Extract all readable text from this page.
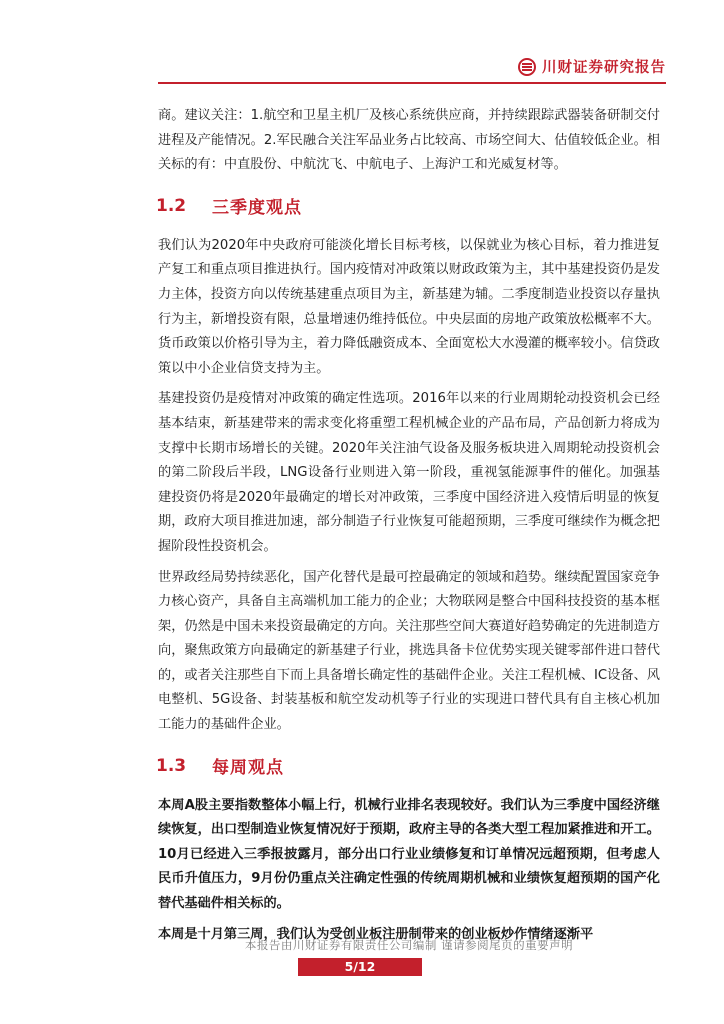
川财证券研究报告

商。建议关注：1.航空和卫星主机厂及核心系统供应商，并持续跟踪武器装备研制交付进程及产能情况。2.军民融合关注军品业务占比较高、市场空间大、估值较低企业。相关标的有：中直股份、中航沈飞、中航电子、上海沪工和光威复材等。

1.2	三季度观点

我们认为2020年中央政府可能淡化增长目标考核，以保就业为核心目标，着力推进复产复工和重点项目推进执行。国内疫情对冲政策以财政政策为主，其中基建投资仍是发力主体，投资方向以传统基建重点项目为主，新基建为辅。二季度制造业投资以存量执行为主，新增投资有限，总量增速仍维持低位。中央层面的房地产政策放松概率不大。货币政策以价格引导为主，着力降低融资成本、全面宽松大水漫灌的概率较小。信贷政策以中小企业信贷支持为主。

基建投资仍是疫情对冲政策的确定性选项。2016年以来的行业周期轮动投资机会已经基本结束，新基建带来的需求变化将重塑工程机械企业的产品布局，产品创新力将成为支撑中长期市场增长的关键。2020年关注油气设备及服务板块进入周期轮动投资机会的第二阶段后半段，LNG设备行业则进入第一阶段，重视氢能源事件的催化。加强基建投资仍将是2020年最确定的增长对冲政策，三季度中国经济进入疫情后明显的恢复期，政府大项目推进加速，部分制造子行业恢复可能超预期，三季度可继续作为概念把握阶段性投资机会。

世界政经局势持续恶化，国产化替代是最可控最确定的领域和趋势。继续配置国家竞争力核心资产，具备自主高端机加工能力的企业；大物联网是整合中国科技投资的基本框架，仍然是中国未来投资最确定的方向。关注那些空间大赛道好趋势确定的先进制造方向，聚焦政策方向最确定的新基建子行业，挑选具备卡位优势实现关键零部件进口替代的，或者关注那些自下而上具备增长确定性的基础件企业。关注工程机械、IC设备、风电整机、5G设备、封装基板和航空发动机等子行业的实现进口替代具有自主核心机加工能力的基础件企业。

1.3	每周观点

本周A股主要指数整体小幅上行，机械行业排名表现较好。我们认为三季度中国经济继续恢复，出口型制造业恢复情况好于预期，政府主导的各类大型工程加紧推进和开工。10月已经进入三季报披露月，部分出口行业业绩修复和订单情况远超预期，但考虑人民币升值压力，9月份仍重点关注确定性强的传统周期机械和业绩恢复超预期的国产化替代基础件相关标的。

本周是十月第三周，我们认为受创业板注册制带来的创业板炒作情绪逐渐平

本报告由川财证券有限责任公司编制 谨请参阅尾页的重要声明
5/12
